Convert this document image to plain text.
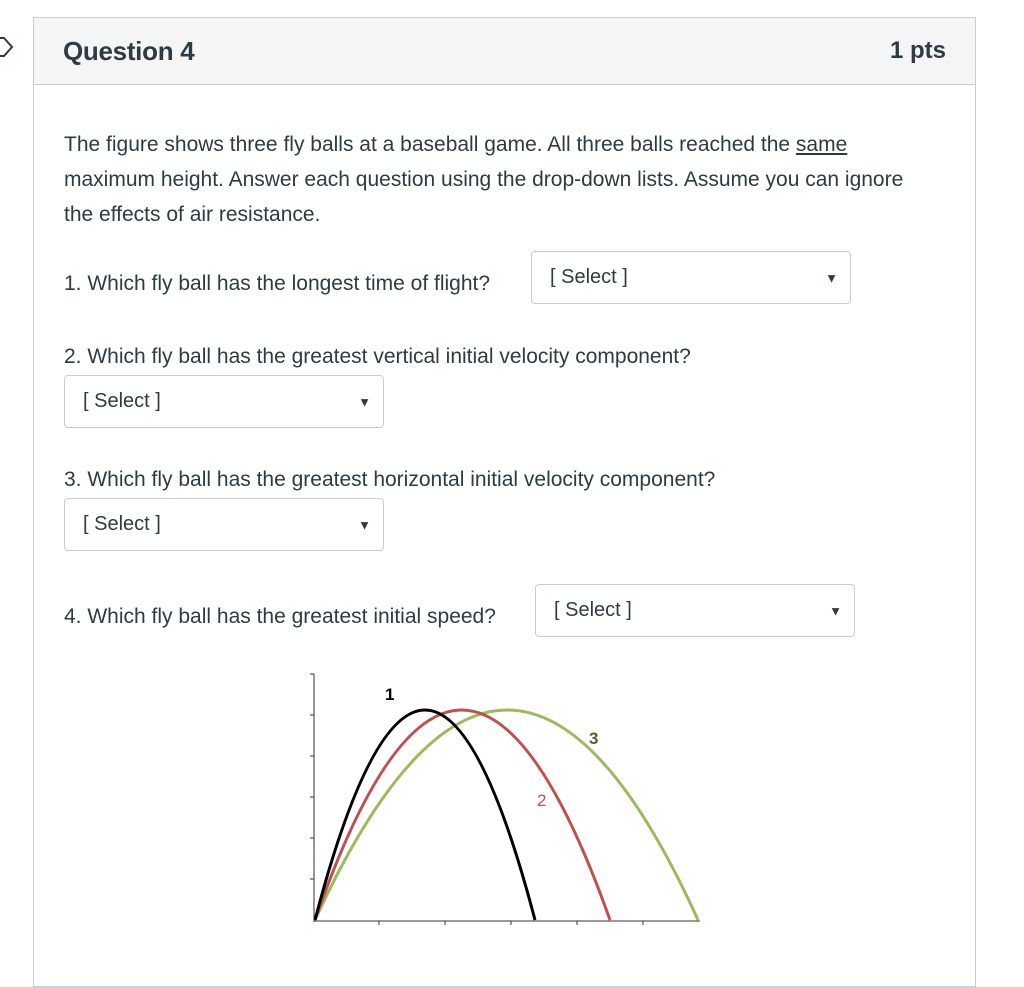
Question 4	1 pts
The figure shows three fly balls at a baseball game. All three balls reached the same maximum height. Answer each question using the drop-down lists. Assume you can ignore the effects of air resistance.
1. Which fly ball has the longest time of flight?	[ Select ]	▼
2. Which fly ball has the greatest vertical initial velocity component?
[ Select ]	▼
3. Which fly ball has the greatest horizontal initial velocity component?
[ Select ]	▼
4. Which fly ball has the greatest initial speed?	[ Select ]	▼
1
2
3
